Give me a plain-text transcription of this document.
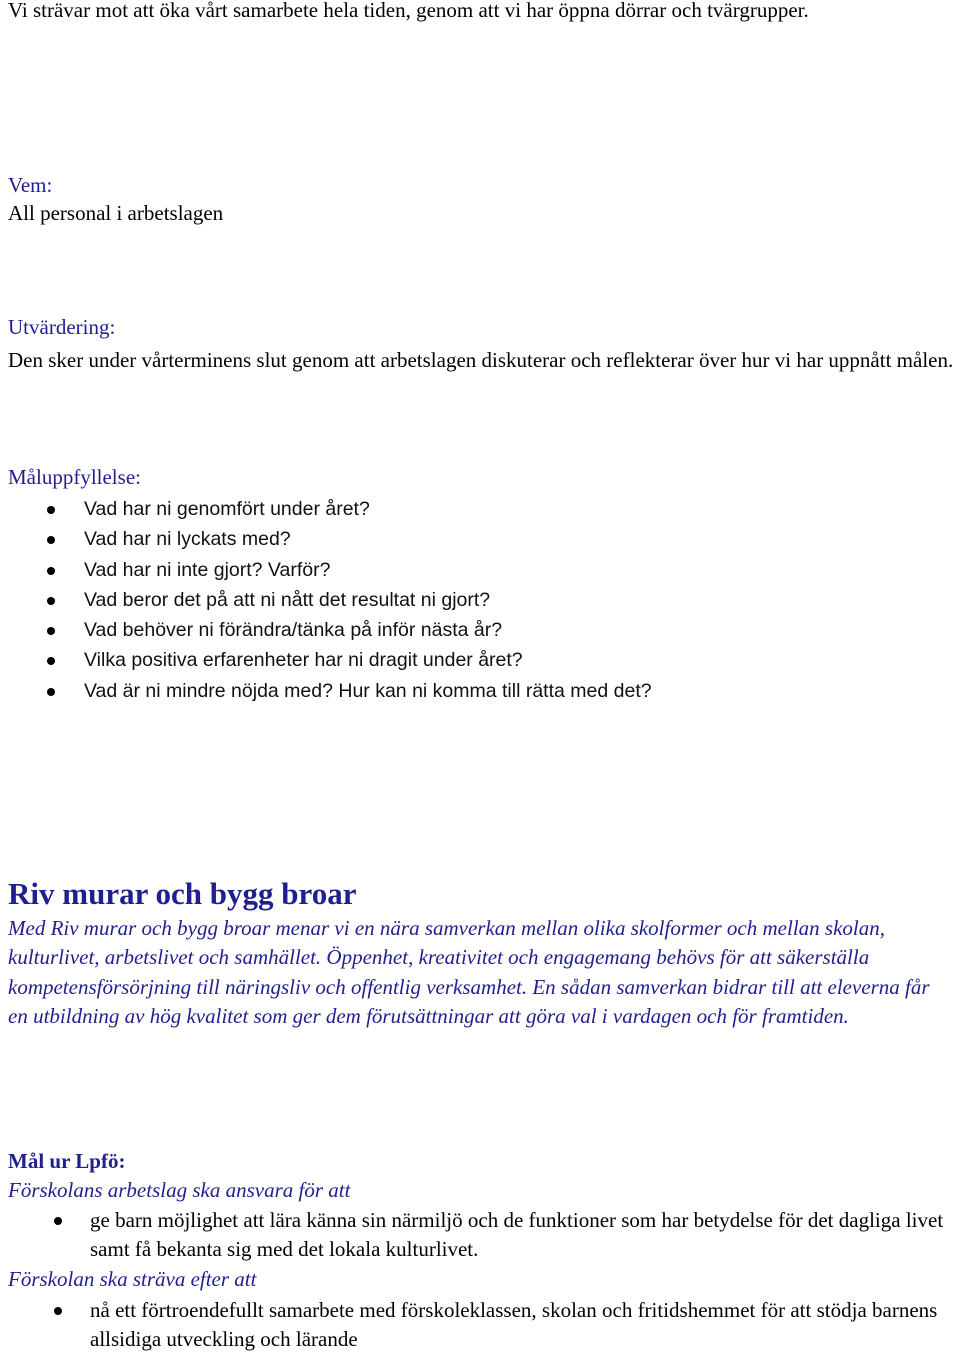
Vi strävar mot att öka vårt samarbete hela tiden, genom att vi har öppna dörrar och tvärgrupper.

Vem:

All personal i arbetslagen

Utvärdering:

Den sker under vårterminens slut genom att arbetslagen diskuterar och reflekterar över hur vi har uppnått målen.

Måluppfyllelse:

Vad har ni genomfört under året?
Vad har ni lyckats med?
Vad har ni inte gjort? Varför?
Vad beror det på att ni nått det resultat ni gjort?
Vad behöver ni förändra/tänka på inför nästa år?
Vilka positiva erfarenheter har ni dragit under året?
Vad är ni mindre nöjda med? Hur kan ni komma till rätta med det?
Riv murar och bygg broar

Med Riv murar och bygg broar menar vi en nära samverkan mellan olika skolformer och mellan skolan, kulturlivet, arbetslivet och samhället. Öppenhet, kreativitet och engagemang behövs för att säkerställa kompetensförsörjning till näringsliv och offentlig verksamhet. En sådan samverkan bidrar till att eleverna får en utbildning av hög kvalitet som ger dem förutsättningar att göra val i vardagen och för framtiden.

Mål ur Lpfö:

Förskolans arbetslag ska ansvara för att

ge barn möjlighet att lära känna sin närmiljö och de funktioner som har betydelse för det dagliga livet samt få bekanta sig med det lokala kulturlivet.

Förskolan ska sträva efter att

nå ett förtroendefullt samarbete med förskoleklassen, skolan och fritidshemmet för att stödja barnens allsidiga utveckling och lärande
